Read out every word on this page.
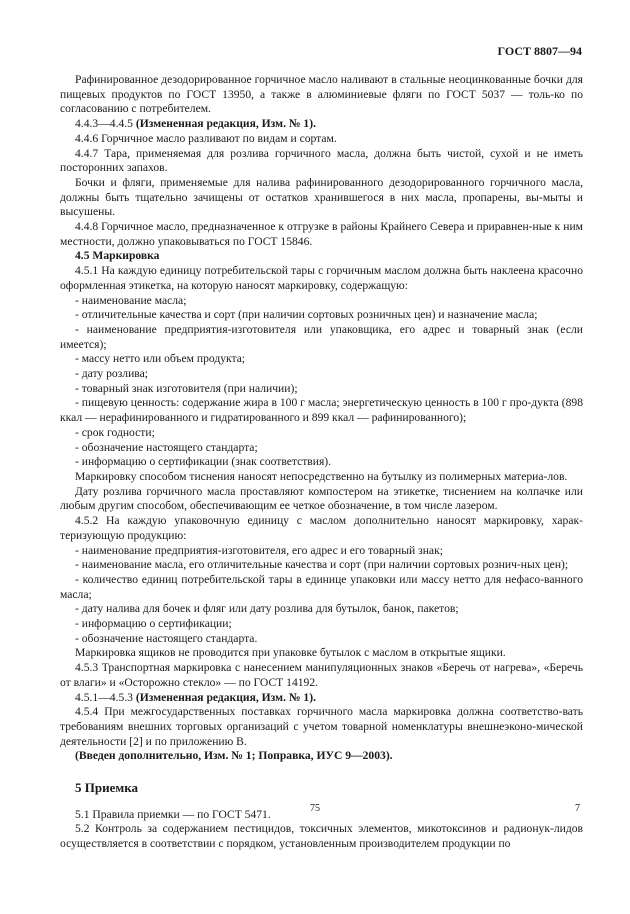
ГОСТ 8807—94
Рафинированное дезодорированное горчичное масло наливают в стальные неоцинкованные бочки для пищевых продуктов по ГОСТ 13950, а также в алюминиевые фляги по ГОСТ 5037 — толь-ко по согласованию с потребителем.
4.4.3—4.4.5 (Измененная редакция, Изм. № 1).
4.4.6 Горчичное масло разливают по видам и сортам.
4.4.7 Тара, применяемая для розлива горчичного масла, должна быть чистой, сухой и не иметь посторонних запахов.
Бочки и фляги, применяемые для налива рафинированного дезодорированного горчичного масла, должны быть тщательно зачищены от остатков хранившегося в них масла, пропарены, вы-мыты и высушены.
4.4.8 Горчичное масло, предназначенное к отгрузке в районы Крайнего Севера и приравнен-ные к ним местности, должно упаковываться по ГОСТ 15846.
4.5 Маркировка
4.5.1 На каждую единицу потребительской тары с горчичным маслом должна быть наклеена красочно оформленная этикетка, на которую наносят маркировку, содержащую:
- наименование масла;
- отличительные качества и сорт (при наличии сортовых розничных цен) и назначение масла;
- наименование предприятия-изготовителя или упаковщика, его адрес и товарный знак (если имеется);
- массу нетто или объем продукта;
- дату розлива;
- товарный знак изготовителя (при наличии);
- пищевую ценность: содержание жира в 100 г масла; энергетическую ценность в 100 г про-дукта (898 ккал — нерафинированного и гидратированного и 899 ккал — рафинированного);
- срок годности;
- обозначение настоящего стандарта;
- информацию о сертификации (знак соответствия).
Маркировку способом тиснения наносят непосредственно на бутылку из полимерных материа-лов.
Дату розлива горчичного масла проставляют компостером на этикетке, тиснением на колпачке или любым другим способом, обеспечивающим ее четкое обозначение, в том числе лазером.
4.5.2 На каждую упаковочную единицу с маслом дополнительно наносят маркировку, харак-теризующую продукцию:
- наименование предприятия-изготовителя, его адрес и его товарный знак;
- наименование масла, его отличительные качества и сорт (при наличии сортовых рознич-ных цен);
- количество единиц потребительской тары в единице упаковки или массу нетто для нефасо-ванного масла;
- дату налива для бочек и фляг или дату розлива для бутылок, банок, пакетов;
- информацию о сертификации;
- обозначение настоящего стандарта.
Маркировка ящиков не проводится при упаковке бутылок с маслом в открытые ящики.
4.5.3 Транспортная маркировка с нанесением манипуляционных знаков «Беречь от нагрева», «Беречь от влаги» и «Осторожно стекло» — по ГОСТ 14192.
4.5.1—4.5.3 (Измененная редакция, Изм. № 1).
4.5.4 При межгосударственных поставках горчичного масла маркировка должна соответство-вать требованиям внешних торговых организаций с учетом товарной номенклатуры внешнеэконо-мической деятельности [2] и по приложению В.
(Введен дополнительно, Изм. № 1; Поправка, ИУС 9—2003).
5 Приемка
5.1 Правила приемки — по ГОСТ 5471.
5.2 Контроль за содержанием пестицидов, токсичных элементов, микотоксинов и радионук-лидов осуществляется в соответствии с порядком, установленным производителем продукции по
75	7
